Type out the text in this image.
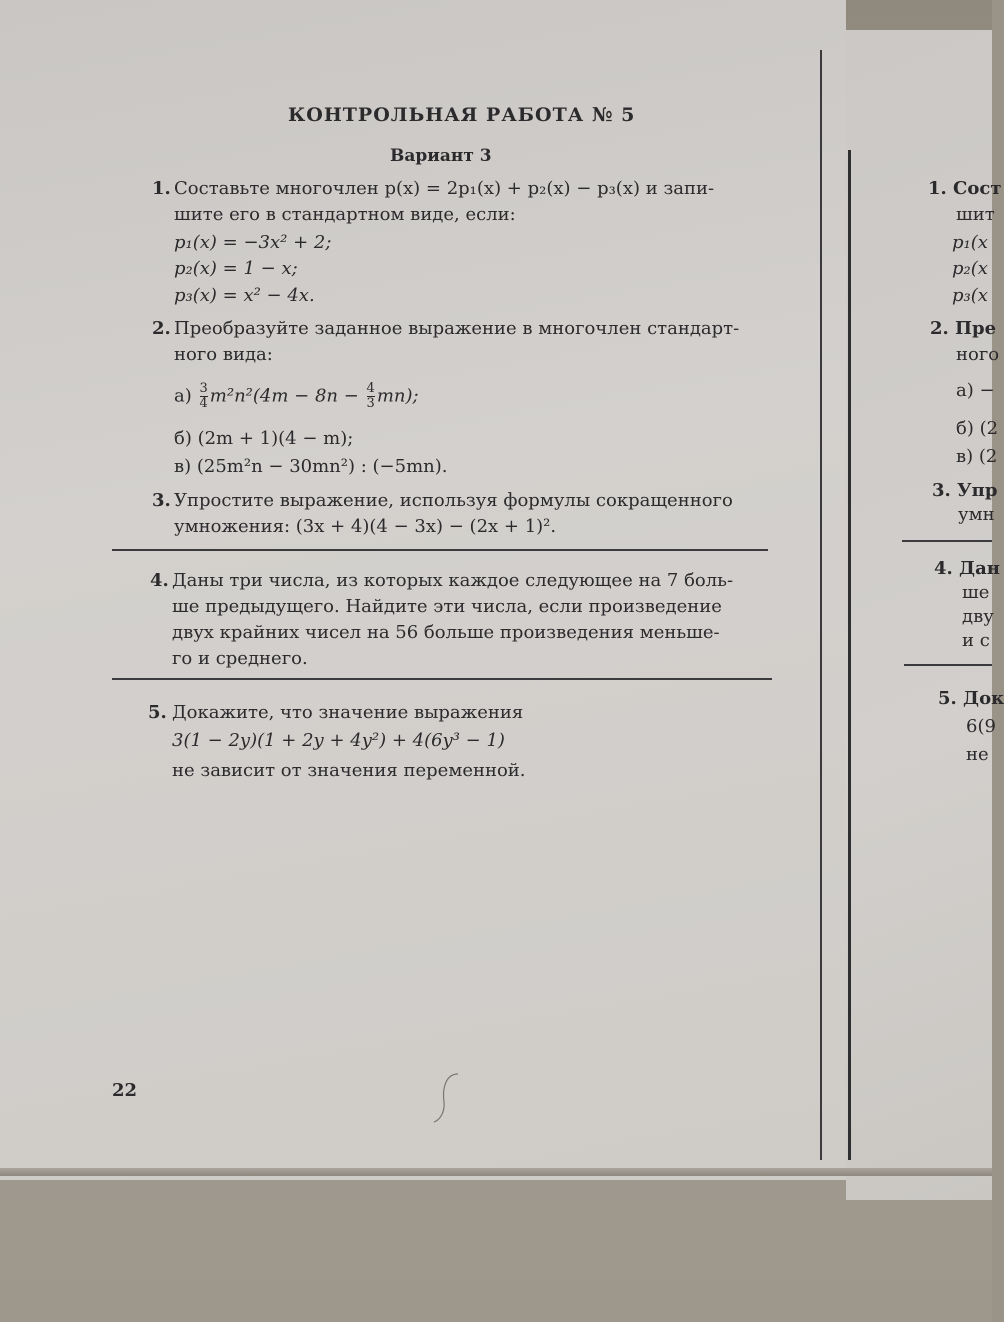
КОНТРОЛЬНАЯ РАБОТА № 5
Вариант 3
1. Составьте многочлен p(x) = 2p₁(x) + p₂(x) − p₃(x) и запи-
шите его в стандартном виде, если:
p₁(x) = −3x² + 2;
p₂(x) = 1 − x;
p₃(x) = x² − 4x.
2. Преобразуйте заданное выражение в многочлен стандарт-
ного вида:
$а) \frac{3}{4} m^2n^2(4m - 8n - \frac{4}{3} mn)$;
б) (2m + 1)(4 − m);
в) (25m²n − 30mn²) : (−5mn).
3. Упростите выражение, используя формулы сокращенного
умножения: (3x + 4)(4 − 3x) − (2x + 1)².
4. Даны три числа, из которых каждое следующее на 7 боль-
ше предыдущего. Найдите эти числа, если произведение
двух крайних чисел на 56 больше произведения меньше-
го и среднего.
5. Докажите, что значение выражения
3(1 − 2y)(1 + 2y + 4y²) + 4(6y³ − 1)
не зависит от значения переменной.
22
1. Сост
шит
p₁(x
p₂(x
p₃(x
2. Пре
ного
а) −
б) (2
в) (2
3. Упр
умн
4. Дан
ше
дву
и с
5. Док
6(9
не
